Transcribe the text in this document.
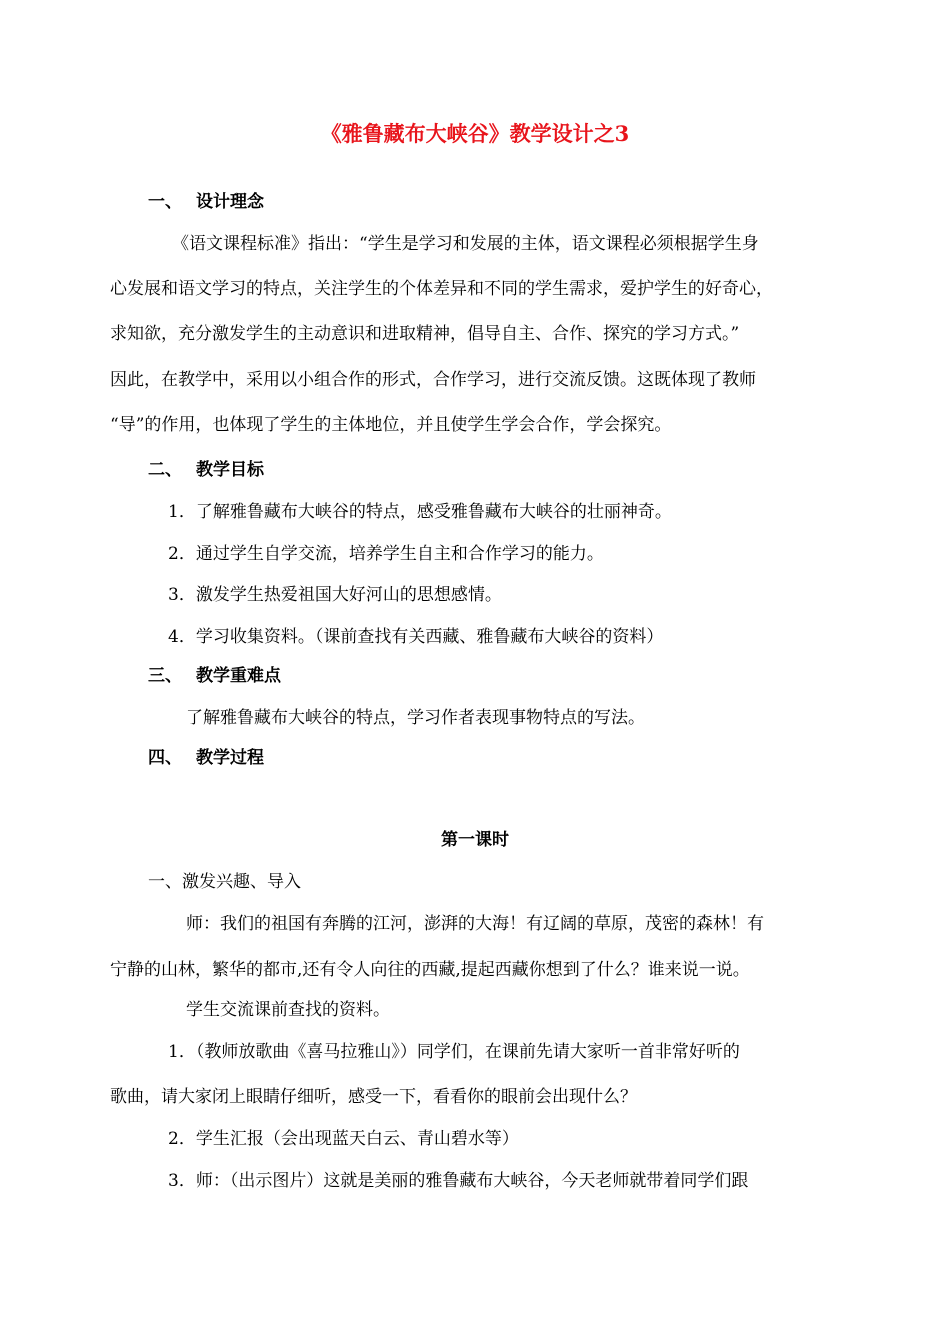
《雅鲁藏布大峡谷》教学设计之3
一、 设计理念
《语文课程标准》指出：“学生是学习和发展的主体，语文课程必须根据学生身
心发展和语文学习的特点，关注学生的个体差异和不同的学生需求，爱护学生的好奇心，
求知欲，充分激发学生的主动意识和进取精神，倡导自主、合作、探究的学习方式。”
因此，在教学中，采用以小组合作的形式，合作学习，进行交流反馈。这既体现了教师
“导”的作用，也体现了学生的主体地位，并且使学生学会合作，学会探究。
二、 教学目标
1．了解雅鲁藏布大峡谷的特点，感受雅鲁藏布大峡谷的壮丽神奇。
2．通过学生自学交流，培养学生自主和合作学习的能力。
3．激发学生热爱祖国大好河山的思想感情。
4．学习收集资料。（课前查找有关西藏、雅鲁藏布大峡谷的资料）
三、 教学重难点
了解雅鲁藏布大峡谷的特点，学习作者表现事物特点的写法。
四、 教学过程
第一课时
一、激发兴趣、导入
师：我们的祖国有奔腾的江河，澎湃的大海！有辽阔的草原，茂密的森林！有
宁静的山林，繁华的都市,还有令人向往的西藏,提起西藏你想到了什么？谁来说一说。
学生交流课前查找的资料。
1．（教师放歌曲《喜马拉雅山》）同学们，在课前先请大家听一首非常好听的
歌曲，请大家闭上眼睛仔细听，感受一下，看看你的眼前会出现什么？
2．学生汇报（会出现蓝天白云、青山碧水等）
3．师：（出示图片）这就是美丽的雅鲁藏布大峡谷，今天老师就带着同学们跟
